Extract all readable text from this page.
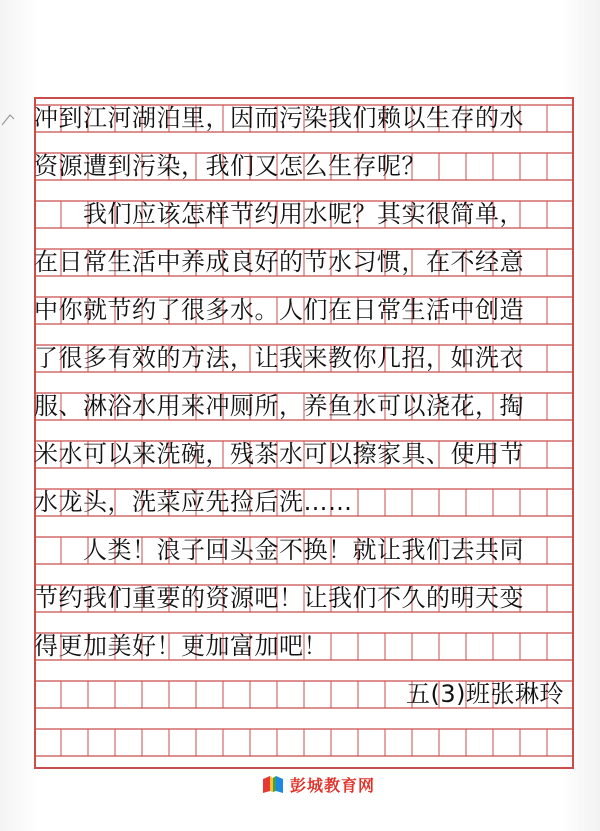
冲到江河湖泊里，因而污染我们赖以生存的水
资源遭到污染，我们又怎么生存呢？
　　我们应该怎样节约用水呢？其实很简单，
在日常生活中养成良好的节水习惯，在不经意
中你就节约了很多水。人们在日常生活中创造
了很多有效的方法，让我来教你几招，如洗衣
服、淋浴水用来冲厕所，养鱼水可以浇花，掏
米水可以来洗碗，残茶水可以擦家具、使用节
水龙头，洗菜应先捡后洗……
　　人类！浪子回头金不换！就让我们去共同
节约我们重要的资源吧！让我们不久的明天变
得更加美好！更加富加吧！
五(3)班张琳玲
彭城教育网
